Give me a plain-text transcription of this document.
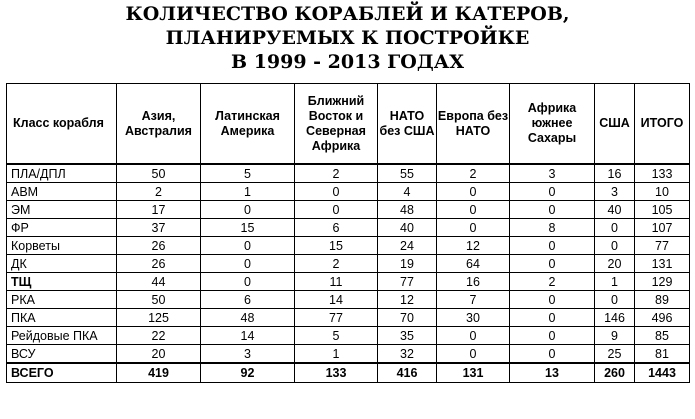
КОЛИЧЕСТВО КОРАБЛЕЙ И КАТЕРОВ,
ПЛАНИРУЕМЫХ К ПОСТРОЙКЕ
В 1999 - 2013 ГОДАХ
Класс корабля	Азия, Австралия	Латинская Америка	Ближний Восток и Северная Африка	НАТО без США	Европа без НАТО	Африка южнее Сахары	США	ИТОГО
ПЛА/ДПЛ	50	5	2	55	2	3	16	133
АВМ	2	1	0	4	0	0	3	10
ЭМ	17	0	0	48	0	0	40	105
ФР	37	15	6	40	0	8	0	107
Корветы	26	0	15	24	12	0	0	77
ДК	26	0	2	19	64	0	20	131
ТЩ	44	0	11	77	16	2	1	129
РКА	50	6	14	12	7	0	0	89
ПКА	125	48	77	70	30	0	146	496
Рейдовые ПКА	22	14	5	35	0	0	9	85
ВСУ	20	3	1	32	0	0	25	81
ВСЕГО	419	92	133	416	131	13	260	1443
